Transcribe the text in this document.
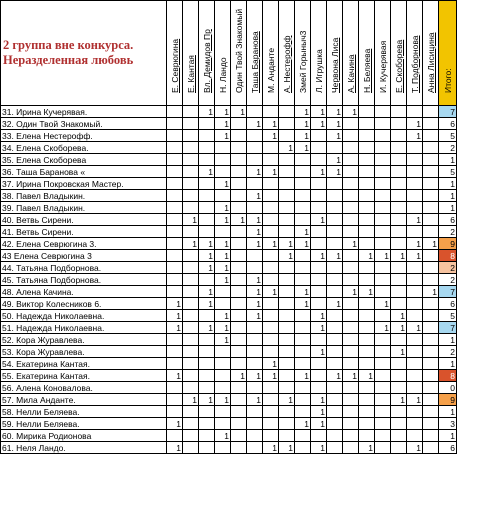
2 группа вне конкурса. Неразделенная любовь	Е. Севрюгина	Е. Кантая	Вл. Демидов Пр	Н. Ландо	Один Твой Знакомый	Таша Баранова	М. Анданте	А. Нестерофф	Змей Горыныч3	Л. Игрушка	Червона Лиса	А. Качина	Н. Беляева	И. Кучерявая	Е. Скоборева	Т. Подборнова	Анна Лисицина	Итого:

31. Ирина Кучерявая.			1	1	1				1	1	1	1						7
32. Один Твой Знакомый.				1		1	1		1	1	1					1		6
33. Елена Нестерофф.				1			1		1		1					1		5
34. Елена Скоборева.								1	1									2
35. Елена Скоборева											1							1
36. Таша Баранова «			1			1	1			1	1							5
37. Ирина Покровская Мастер.				1														1
38. Павел Владыкин.						1												1
39. Павел Владыкин.				1														1
40. Ветвь Сирени.		1		1	1	1				1						1		6
41. Ветвь Сирени.						1			1									2
42. Елена Севрюгина 3.		1	1	1		1	1	1	1			1				1	1	9
43 Елена Севрюгина 3			1	1				1		1	1		1	1	1	1		8
44. Татьяна Подборнова.			1	1														2
45. Татьяна Подборнова.				1		1												2
48. Алена Качина.			1			1	1		1			1	1				1	7
49. Виктор Колесников 6.	1		1			1			1		1			1				6
50. Надежда Николаевна.	1			1		1				1					1			5
51. Надежда Николаевна.	1		1	1						1				1	1	1		7
52. Кора Журавлева.				1														1
53. Кора Журавлева.										1					1			2
54. Екатерина Кантая.							1											1
55. Екатерина Кантая.	1				1	1	1		1		1	1	1					8
56. Алена Коновалова.																		0
57. Мила Анданте.		1	1	1		1		1		1					1	1		9
58. Нелли Беляева.										1								1
59. Нелли Беляева.	1								1	1								3
60. Мирика Родионова				1														1
61. Неля Ландо.	1						1	1		1			1			1		6
